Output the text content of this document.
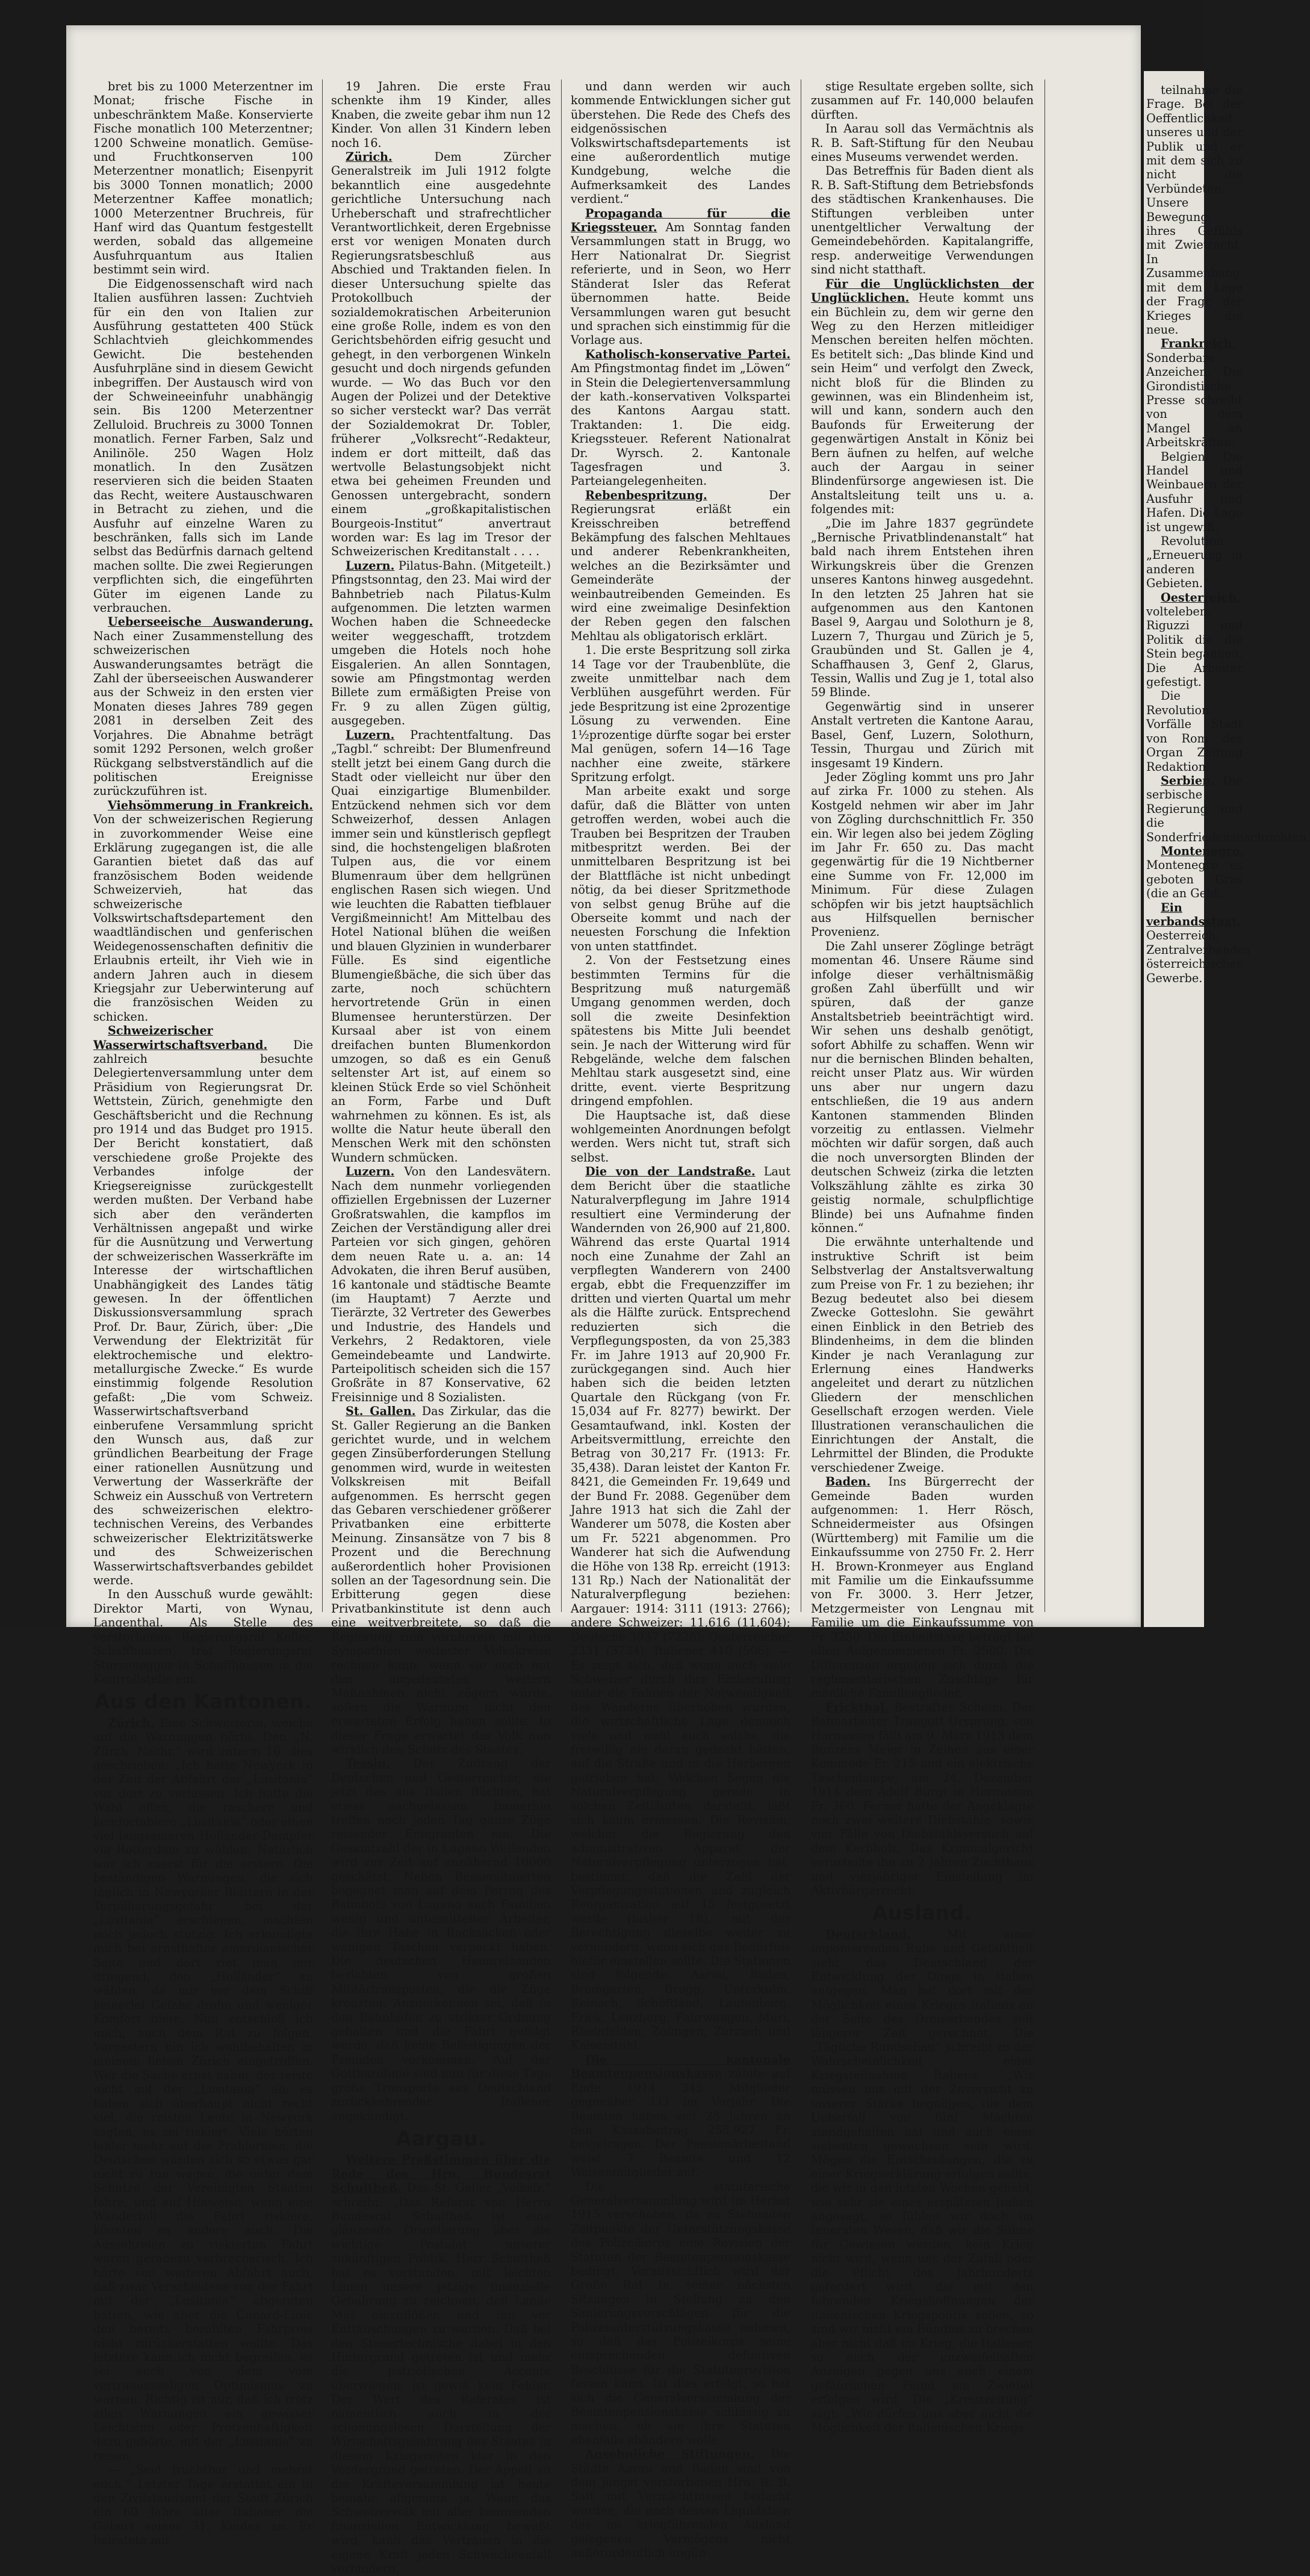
bret bis zu 1000 Meterzentner im Monat; frische Fische in unbeschränktem Maße. Konservierte Fische monatlich 100 Meterzentner; 1200 Schweine monatlich. Gemüse- und Fruchtkonserven 100 Meterzentner monatlich; Eisenpyrit bis 3000 Tonnen monatlich; 2000 Meterzentner Kaffee monatlich; 1000 Meterzentner Bruchreis, für Hanf wird das Quantum festgestellt werden, sobald das allgemeine Ausfuhrquantum aus Italien bestimmt sein wird.

Die Eidgenossenschaft wird nach Italien ausführen lassen: Zuchtvieh für ein den von Italien zur Ausführung gestatteten 400 Stück Schlachtvieh gleichkommendes Gewicht. Die bestehenden Ausfuhrpläne sind in diesem Gewicht inbegriffen. Der Austausch wird von der Schweineeinfuhr unabhängig sein. Bis 1200 Meterzentner Zelluloid. Bruchreis zu 3000 Tonnen monatlich. Ferner Farben, Salz und Anilinöle. 250 Wagen Holz monatlich. In den Zusätzen reservieren sich die beiden Staaten das Recht, weitere Austauschwaren in Betracht zu ziehen, und die Ausfuhr auf einzelne Waren zu beschränken, falls sich im Lande selbst das Bedürfnis darnach geltend machen sollte. Die zwei Regierungen verpflichten sich, die eingeführten Güter im eigenen Lande zu verbrauchen.

Ueberseeische Auswanderung. Nach einer Zusammenstellung des schweizerischen Auswanderungsamtes beträgt die Zahl der überseeischen Auswanderer aus der Schweiz in den ersten vier Monaten dieses Jahres 789 gegen 2081 in derselben Zeit des Vorjahres. Die Abnahme beträgt somit 1292 Personen, welch großer Rückgang selbstverständlich auf die politischen Ereignisse zurückzuführen ist.

Viehsömmerung in Frankreich. Von der schweizerischen Regierung in zuvorkommender Weise eine Erklärung zugegangen ist, die alle Garantien bietet daß das auf französischem Boden weidende Schweizervieh, hat das schweizerische Volkswirtschaftsdepartement den waadtländischen und genferischen Weidegenossenschaften definitiv die Erlaubnis erteilt, ihr Vieh wie in andern Jahren auch in diesem Kriegsjahr zur Ueberwinterung auf die französischen Weiden zu schicken.

Schweizerischer Wasserwirtschaftsverband. Die zahlreich besuchte Delegiertenversammlung unter dem Präsidium von Regierungsrat Dr. Wettstein, Zürich, genehmigte den Geschäftsbericht und die Rechnung pro 1914 und das Budget pro 1915. Der Bericht konstatiert, daß verschiedene große Projekte des Verbandes infolge der Kriegsereignisse zurückgestellt werden mußten. Der Verband habe sich aber den veränderten Verhältnissen angepaßt und wirke für die Ausnützung und Verwertung der schweizerischen Wasserkräfte im Interesse der wirtschaftlichen Unabhängigkeit des Landes tätig gewesen. In der öffentlichen Diskussionsversammlung sprach Prof. Dr. Baur, Zürich, über: „Die Verwendung der Elektrizität für elektrochemische und elektro-metallurgische Zwecke.“ Es wurde einstimmig folgende Resolution gefaßt: „Die vom Schweiz. Wasserwirtschaftsverband einberufene Versammlung spricht den Wunsch aus, daß zur gründlichen Bearbeitung der Frage einer rationellen Ausnützung und Verwertung der Wasserkräfte der Schweiz ein Ausschuß von Vertretern des schweizerischen elektro-technischen Vereins, des Verbandes schweizerischer Elektrizitätswerke und des Schweizerischen Wasserwirtschaftsverbandes gebildet werde.

In den Ausschuß wurde gewählt: Direktor Marti, von Wynau, Langenthal. Als Stelle des verstorbenen Regierungsrat Keller, Schaffhausen, trat Regierungsrat Sturzenegger in Schaffhausen in die Kontrollstelle ein.

Aus den Kantonen.

Zürich. Eine Schweizerin, welche auf die Warnungen hörte. Den „N. Zürch. Nachr.“ wird unterm 16. dies geschrieben: „Ich hatte Newyork in der Zeit der Abfahrt der „Lusitania“ vor dort zu verlassen. Ich hatte die Wahl offen, die raschere und komfortablere „Lusitania“ oder einen viel langsameren Holländer-Dampfer via Rotterdam zu wählen. Natürlich war ich zuerst für die erstere. Die beständigen Warnungen, die sich täglich in Newyorker Blättern in der Torpillierungsgefahr bei der „Lusitania“ erschienen, machten mich jedoch stutzig. Ich erkundigte mich bei ernsthafter amerikanischer Seite und dort riet man mir dringend, den „Holländer“ zu wählen, da mir vor dem Schiff keinerlei Gefahr drohe und weniger Komfort biete. Nun entschloß ich mich, auch dem Rat zu folgen. Vorgestern bin ich wohlbehalten in meinem lieben Zürich eingetroffen. Wer die Sache ernst nahm, der reiste nicht mit der „Lusitania“ ab; es haben sich überhaupt nicht recht viel, die reisten Leute in Newyork sagten, es sei riskiert. Viele hörten leider mehr auf die Prahlereien, die Deutschen würden sich so etwas gar nicht zu tun wagen, die unter dem Schutze der Vereinigten Staaten fahre, und auf Hinweise, wenn eine Wanderbill die Fahrt riskiere, könnten es andere auch. Die Aussehreien zu riskierten Fahrt waren geradezu verbrecherisch. Ich hörte von weiteren Abfahrt auch, daß zwar Verschiedene von der Fahrt mit der „Lusitania“ abgeraten hatten, wie aber die Cunard-Linie den bereits bezahlten Fahrpreis nicht zurückerstatten wollte. Das letztere kann ich nicht begreifen, es sei auch von dem vom vertrauensseligen Optimismus zu warnen. Richtig ist nur, daß ich trotz allen Warnungen ein gewisser Leichtsinn oder Protzenhaftigkeit dazu gehörte, mit der „Lusitania“ zu reisen.

— „Seid fruchtbar und mehret euch.“ Letzter Tage erstattet ein in den Zivilstandsamt der Stadt Zürich ein 60 Jahre alter Italiener die Geburt seines 31. Kindes an. Er heiratete mit

19 Jahren. Die erste Frau schenkte ihm 19 Kinder, alles Knaben, die zweite gebar ihm nun 12 Kinder. Von allen 31 Kindern leben noch 16.

Zürich.	Dem Zürcher Generalstreik im Juli 1912 folgte bekanntlich eine ausgedehnte gerichtliche Untersuchung nach Urheberschaft und strafrechtlicher Verantwortlichkeit, deren Ergebnisse erst vor wenigen Monaten durch Regierungsratsbeschluß aus Abschied und Traktanden fielen. In dieser Untersuchung spielte das Protokollbuch der sozialdemokratischen Arbeiterunion eine große Rolle, indem es von den Gerichtsbehörden eifrig gesucht und gehegt, in den verborgenen Winkeln gesucht und doch nirgends gefunden wurde. — Wo das Buch vor den Augen der Polizei und der Detektive so sicher versteckt war? Das verrät der Sozialdemokrat Dr. Tobler, früherer „Volksrecht“-Redakteur, indem er dort mitteilt, daß das wertvolle Belastungsobjekt nicht etwa bei geheimen Freunden und Genossen untergebracht, sondern einem „großkapitalistischen Bourgeois-Institut“ anvertraut worden war: Es lag im Tresor der Schweizerischen Kreditanstalt . . . .

Luzern. Pilatus-Bahn. (Mitgeteilt.) Pfingstsonntag, den 23. Mai wird der Bahnbetrieb nach Pilatus-Kulm aufgenommen. Die letzten warmen Wochen haben die Schneedecke weiter weggeschafft, trotzdem umgeben die Hotels noch hohe Eisgalerien. An allen Sonntagen, sowie am Pfingstmontag werden Billete zum ermäßigten Preise von Fr. 9 zu allen Zügen gültig, ausgegeben.

Luzern. Prachtentfaltung. Das „Tagbl.“ schreibt: Der Blumenfreund stellt jetzt bei einem Gang durch die Stadt oder vielleicht nur über den Quai einzigartige Blumenbilder. Entzückend nehmen sich vor dem Schweizerhof, dessen Anlagen immer sein und künstlerisch gepflegt sind, die hochstengeligen blaßroten Tulpen aus, die vor einem Blumenraum über dem hellgrünen englischen Rasen sich wiegen. Und wie leuchten die Rabatten tiefblauer Vergißmeinnicht! Am Mittelbau des Hotel National blühen die weißen und blauen Glyzinien in wunderbarer Fülle. Es sind eigentliche Blumengießbäche, die sich über das zarte, noch schüchtern hervortretende Grün in einen Blumensee herunterstürzen. Der Kursaal aber ist von einem dreifachen bunten Blumenkordon umzogen, so daß es ein Genuß seltenster Art ist, auf einem so kleinen Stück Erde so viel Schönheit an Form, Farbe und Duft wahrnehmen zu können. Es ist, als wollte die Natur heute überall den Menschen Werk mit den schönsten Wundern schmücken.

Luzern. Von den Landesvätern. Nach dem nunmehr vorliegenden offiziellen Ergebnissen der Luzerner Großratswahlen, die kampflos im Zeichen der Verständigung aller drei Parteien vor sich gingen, gehören dem neuen Rate u. a. an: 14 Advokaten, die ihren Beruf ausüben, 16 kantonale und städtische Beamte (im Hauptamt) 7 Aerzte und Tierärzte, 32 Vertreter des Gewerbes und Industrie, des Handels und Verkehrs, 2 Redaktoren, viele Gemeindebeamte und Landwirte. Parteipolitisch scheiden sich die 157 Großräte in 87 Konservative, 62 Freisinnige und 8 Sozialisten.

St. Gallen. Das Zirkular, das die St. Galler Regierung an die Banken gerichtet wurde, und in welchem gegen Zinsüberforderungen Stellung genommen wird, wurde in weitesten Volkskreisen mit Beifall aufgenommen. Es herrscht gegen das Gebaren verschiedener größerer Privatbanken eine erbitterte Meinung. Zinsansätze von 7 bis 8 Prozent und die Berechnung außerordentlich hoher Provisionen sollen an der Tagesordnung sein. Die Erbitterung gegen diese Privatbankinstitute ist denn auch eine weitverbreitete, so daß die Regierung zum vornherein mit den Sympathien weitester Volkskreise rechnen kann, wenn sie noch mit den angedeuteten weitern Maßnahmen nicht zögern würde, sofern die Warnung nicht den erwarteten Erfolg haben sollte. In dieser Frage erwartet das Volk nun wirklich den Schutz des Staates.

Tessin. Der Zudrang der Deutschen und Oesterreicher, die jetzt das aus Italien flüchten, hat etwas nachgelassen. Immerhin treffen noch jeden Tag ganze Züge reisender Emigranten ein. Die Gesamtzahl der in Lugano Weilenden wird zur Zeit auf annähernd 10000 geschätzt. Neben Bessersituierten begegnet man auf dem Perron des Bahnhofs von Lugano auch Familien wenig und unbemittelter Arbeiter, die ihre Habe in Rucksäcken oder wenigen Taschen verpackt haben. Die deutschen Heimreisenden berichten von großen Militärtransporten, die die Züge kreuzten. Anzuerkennen sei, daß in den Bahnhöfen zu strikter Ordnung gehalten und die Fahrt gefolgt werde, daß keine Belästigungen der Fremden vorkommen. Auf der Gotthardlinie sind nun für diese Tage große Transporte aus Deutschland zurückkehrender Italiener angekündigt.

Aargau.

Weitere Preßstimmen über die Rede des Hrn. Bundesrat Schultheß. Das St. Galler „Volksfr.“ schreibt: „Das Referat von Herrn Bundesrat Schultheß ist eine glänzende Orientierung über die wichtige Postulat unserer zukünftigen Politik. Herr Schultheß hat es verstanden, mit leichten Linien unsere jetzige finanzielle Gebahrung zu zeichnen, den Lande Mut einzuflößen und ihn vor Enttäuschungen zu warnen. Daß bei den Steuertechnische dabei in den Hintergrund getreten ist und mehr die patriotischen Accente überwiegen, ist gewiß kein Fehler. Der Wert des Referates ist namentlich auch in der schonungslosen Darstellung der Wirtschaftsgebahrung des Staates in diesem Kriegszeiten klar in den Vordergrund getreten. Der Appell an die Kräfteversammlung ist heute beinahe allgemein ja. Wenn das Schweizervolk mit aller kommenden finanziellen Entwicklung bewußt wird, kann das Vertrauen in die eigene Kraft jeden Schwächeanfall verhindern,

und dann werden wir auch kommende Entwicklungen sicher gut überstehen. Die Rede des Chefs des eidgenössischen Volkswirtschaftsdepartements ist eine außerordentlich mutige Kundgebung, welche die Aufmerksamkeit des Landes verdient.“

Propaganda für die Kriegssteuer. Am Sonntag fanden Versammlungen statt in Brugg, wo Herr Nationalrat Dr. Siegrist referierte, und in Seon, wo Herr Ständerat Isler das Referat übernommen hatte. Beide Versammlungen waren gut besucht und sprachen sich einstimmig für die Vorlage aus.

Katholisch-konservative Partei. Am Pfingstmontag findet im „Löwen“ in Stein die Delegiertenversammlung der kath.-konservativen Volkspartei des Kantons Aargau statt. Traktanden: 1. Die eidg. Kriegssteuer. Referent Nationalrat Dr. Wyrsch. 2. Kantonale Tagesfragen und 3. Parteiangelegenheiten.

Rebenbespritzung.	Der Regierungsrat erläßt ein Kreisschreiben betreffend Bekämpfung des falschen Mehltaues und anderer Rebenkrankheiten, welches an die Bezirksämter und Gemeinderäte der weinbautreibenden Gemeinden. Es wird eine zweimalige Desinfektion der Reben gegen den falschen Mehltau als obligatorisch erklärt.

1. Die erste Bespritzung soll zirka 14 Tage vor der Traubenblüte, die zweite unmittelbar nach dem Verblühen ausgeführt werden. Für jede Bespritzung ist eine 2prozentige Lösung zu verwenden. Eine 1½prozentige dürfte sogar bei erster Mal genügen, sofern 14—16 Tage nachher eine zweite, stärkere Spritzung erfolgt.

Man arbeite exakt und sorge dafür, daß die Blätter von unten getroffen werden, wobei auch die Trauben bei Bespritzen der Trauben mitbespritzt werden. Bei der unmittelbaren Bespritzung ist bei der Blattfläche ist nicht unbedingt nötig, da bei dieser Spritzmethode von selbst genug Brühe auf die Oberseite kommt und nach der neuesten Forschung die Infektion von unten stattfindet.

2. Von der Festsetzung eines bestimmten Termins für die Bespritzung muß naturgemäß Umgang genommen werden, doch soll die zweite Desinfektion spätestens bis Mitte Juli beendet sein. Je nach der Witterung wird für Rebgelände, welche dem falschen Mehltau stark ausgesetzt sind, eine dritte, event. vierte Bespritzung dringend empfohlen.

Die Hauptsache ist, daß diese wohlgemeinten Anordnungen befolgt werden. Wers nicht tut, straft sich selbst.

Die von der Landstraße. Laut dem Bericht über die staatliche Naturalverpflegung im Jahre 1914 resultiert eine Verminderung der Wandernden von 26,900 auf 21,800. Während das erste Quartal 1914 noch eine Zunahme der Zahl an verpflegten Wanderern von 2400 ergab, ebbt die Frequenzziffer im dritten und vierten Quartal um mehr als die Hälfte zurück. Entsprechend reduzierten sich die Verpflegungsposten, da von 25,383 Fr. im Jahre 1913 auf 20,900 Fr. zurückgegangen sind. Auch hier haben sich die beiden letzten Quartale den Rückgang (von Fr. 15,034 auf Fr. 8277) bewirkt. Der Gesamtaufwand, inkl. Kosten der Arbeitsvermittlung, erreichte den Betrag von 30,217 Fr. (1913: Fr. 35,438). Daran leistet der Kanton Fr. 8421, die Gemeinden Fr. 19,649 und der Bund Fr. 2088. Gegenüber dem Jahre 1913 hat sich die Zahl der Wanderer um 5078, die Kosten aber um Fr. 5221 abgenommen. Pro Wanderer hat sich die Aufwendung die Höhe von 138 Rp. erreicht (1913: 131 Rp.) Nach der Nationalität der Naturalverpflegung beziehen: Aargauer: 1914: 3111 (1913: 2766); andere Schweizer: 11,616 (11,604); Deutsche 3937 (7226); Oesterreicher 2331 (3734); Italiener 410 (506). — Es zeigt sich, daß wenn auch viele Schweizer durch ihre Einberufung unter die Fahnen der Notwendigkeit des Wanderns überhoben wurden, die wirtschaftliche Lage dennoch viele und wohl auch solche, die freiwillig nie daran gedacht hätten, auf die Straße und in die Herbergen getrieben hat. Welchen Segen die Naturalverpflegung gerade in solchen Zeitläuften darstellt, läßt sich kaum ermessen. Die Revision, welcher die Regierung den administrativen Apparat der Naturalverpflegung unterzogen hat, bestimmt, daß die Zahl der Verpflegungsstationen und zugleich Reorganisation auf 15 festgesetzt werde (bisher 18), mit der Berechtigung dieselbe weiter zu vermindern, wenn sich das Bedürfnis hiefür einstellen sollte. Die Stationen sind folgende: Aarau, Baden, Bremgarten, Brugg, Unterkulm, Reinach, Schöftland, Laufenburg, Frick, Lenzburg, Fahrwangen, Muri, Rheinfelden, Zofingen, Zurzach und Kaiserstuhl.

Die kantonale Beamtenpensionskasse zählte auf Ende 1914 345 Mitglieder gegenüber 333 im Vorjahr. Die Beamten haben seit 25 Jahren an den Kassabeitrag 255,927 Fr. beigetragen. Der Pensionärbestand weist 7 Beamte und 12 Waisenmitglieder auf.

Die statutarische Generalversammlung wird im Herbst 1915 verschoben, da zu Stehenden Zeitpunkte der Unterstützungskasse des Polizeikorps eine Revision der Statuten der Beamtenpensionskasse bedingt. Voraussichtlich wird der Große Rat in seiner nächsten Sitzungen in Stellung zu den Sanierungsvorschlägen für die Polizeiunterstützungskasse nehmen, so daß das Polizeikorps seine entsprechenden definitiven Beschlüsse für die Statutenrevision fassen kann. Ist dies erfolgt, so hat sich die Generalversammlung der Beamtenpensionskasse schlüssig zu machen, ob sie ihre Statuten ebenfalls abändern wolle.

Ansehnliche Stiftungen. Die Städte Aarau und Baden sind von dem jüngst verstorbenen Hrn. R. B. Saft mit Vermächtnissen bedacht worden, die nach dessen Liquidation des im kriegführenden Ausland gelegenen Vermögens nicht außerordentlich ungün-

stige Resultate ergeben sollte, sich zusammen auf Fr. 140,000 belaufen dürften.

In Aarau soll das Vermächtnis als R. B. Saft-Stiftung für den Neubau eines Museums verwendet werden.

Das Betreffnis für Baden dient als R. B. Saft-Stiftung dem Betriebsfonds des städtischen Krankenhauses. Die Stiftungen verbleiben unter unentgeltlicher Verwaltung der Gemeindebehörden. Kapitalangriffe, resp. anderweitige Verwendungen sind nicht statthaft.

Für die Unglücklichsten der Unglücklichen. Heute kommt uns ein Büchlein zu, dem wir gerne den Weg zu den Herzen mitleidiger Menschen bereiten helfen möchten. Es betitelt sich: „Das blinde Kind und sein Heim“ und verfolgt den Zweck, nicht bloß für die Blinden zu gewinnen, was ein Blindenheim ist, will und kann, sondern auch den Baufonds für Erweiterung der gegenwärtigen Anstalt in Köniz bei Bern äufnen zu helfen, auf welche auch der Aargau in seiner Blindenfürsorge angewiesen ist. Die Anstaltsleitung teilt uns u. a. folgendes mit:

„Die im Jahre 1837 gegründete „Bernische Privatblindenanstalt“ hat bald nach ihrem Entstehen ihren Wirkungskreis über die Grenzen unseres Kantons hinweg ausgedehnt. In den letzten 25 Jahren hat sie aufgenommen aus den Kantonen Basel 9, Aargau und Solothurn je 8, Luzern 7, Thurgau und Zürich je 5, Graubünden und St. Gallen je 4, Schaffhausen 3, Genf 2, Glarus, Tessin, Wallis und Zug je 1, total also 59 Blinde.

Gegenwärtig sind in unserer Anstalt vertreten die Kantone Aarau, Basel, Genf, Luzern, Solothurn, Tessin, Thurgau und Zürich mit insgesamt 19 Kindern.

Jeder Zögling kommt uns pro Jahr auf zirka Fr. 1000 zu stehen. Als Kostgeld nehmen wir aber im Jahr von Zögling durchschnittlich Fr. 350 ein. Wir legen also bei jedem Zögling im Jahr Fr. 650 zu. Das macht gegenwärtig für die 19 Nichtberner eine Summe von Fr. 12,000 im Minimum. Für diese Zulagen schöpfen wir bis jetzt hauptsächlich aus Hilfsquellen bernischer Provenienz.

Die Zahl unserer Zöglinge beträgt momentan 46. Unsere Räume sind infolge dieser verhältnismäßig großen Zahl überfüllt und wir spüren, daß der ganze Anstaltsbetrieb beeinträchtigt wird. Wir sehen uns deshalb genötigt, sofort Abhilfe zu schaffen. Wenn wir nur die bernischen Blinden behalten, reicht unser Platz aus. Wir würden uns aber nur ungern dazu entschließen, die 19 aus andern Kantonen stammenden Blinden vorzeitig zu entlassen. Vielmehr möchten wir dafür sorgen, daß auch die noch unversorgten Blinden der deutschen Schweiz (zirka die letzten Volkszählung zählte es zirka 30 geistig normale, schulpflichtige Blinde) bei uns Aufnahme finden können.“

Die erwähnte unterhaltende und instruktive Schrift ist beim Selbstverlag der Anstaltsverwaltung zum Preise von Fr. 1 zu beziehen; ihr Bezug bedeutet also bei diesem Zwecke Gotteslohn. Sie gewährt einen Einblick in den Betrieb des Blindenheims, in dem die blinden Kinder je nach Veranlagung zur Erlernung eines Handwerks angeleitet und derart zu nützlichen Gliedern der menschlichen Gesellschaft erzogen werden. Viele Illustrationen veranschaulichen die Einrichtungen der Anstalt, die Lehrmittel der Blinden, die Produkte verschiedener Zweige.

Baden. Ins Bürgerrecht der Gemeinde Baden wurden aufgenommen: 1. Herr Rösch, Schneidermeister aus Ofsingen (Württemberg) mit Familie um die Einkaufssumme von 2750 Fr. 2. Herr H. Brown-Kronmeyer aus England mit Familie um die Einkaufssumme von Fr. 3000. 3. Herr Jetzer, Metzgermeister von Lengnau mit Familie um die Einkaufssumme von Fr. 3250. Die Einheitstaxe beträgt bei allen Aufgenommenen Fr. 2500. Die Differenzen ergeben sich durch die reglementarischen Zuschläge für mänliche Familienglieder.

Frickthal. Bestrafter Schelm. Der Bahnarbeiter Traugott Ursprung, von Hornussen fällt am 9. März 1913 dem Bunzens Meier in Zeihen aus einer Kommode Fr. 215 und ein elektrische Taschenlampe, am 24. Dezember 1914 dem Adolf Bürgi in Hornussen Fr. 360. Ferner hatte der Angeklagte noch zwei weitere Diebstähle, sowie vier Fälle von Diebstahlsversuch auf dem Kerbholz. Das Kriminalgericht verurteilte ihn zu 2 Jahren Zuchthaus und vierjähriger Einstellung im Aktivbürgerrecht.

Ausland.

Deutschland.	Mit einer imponierenden Ruhe und Gefaßtheit sieht das Deutschland der Entwicklung der Dinge in Italien entgegen. Man hat dort mit der Möglichkeit eines Krieges Italiens an der Seite des Dreiverbandes seit längerer Zeit gerechnet. Die „Tägliche Rundschau“ schreibt zu der Wahrscheinlichkeit einer Kriegsteilnahme Italiens: „Wir müssen uns mit der Zuversicht zu unserer Stärke begnügen, die dem Ueberfall von fünf Mächten standgehalten hat und auch einer siebenten gewachsen sein wird. Mögen die Entscheidungen, die zu einer Kriegserklärung erfolgen sollte, die wir in den letzten Wochen gehabt, wie sehr sie eines erspäteten Italien angesagt, so fühlen wir doch im Innersten Wesen, daß wir die Sühne für Gewissen werden, kein Krieg nicht wird, wenn uns der Zufall oder die Pflicht des Jahrhunderts gefordert wird, die mit den fahrenden Kriegshoffnungen der italienischen Kriegspolitik sollen, so sind wir nicht ein Bündnis zu brechen aber nicht daß im Krieg, die Italiener, so auch der unzweifelhaften Anzeigen gegen uns auch einem gefährlichen Feind ein Zwiebel erfolgen wird. Die „Kreuzzeitung“ sagt: „Wir dürfen uns aber nicht die Möglichkeit der italienischen Kriegs

teilnahme die Frage. Bei der Oeffentlichkeit unseres und der Publik und er mit dem sich zu nicht die Verbündeten. Unsere Bewegung, ihres Gefühls mit Zwietracht. In Zusammenhang mit dem Lage der Frage der Krieges die neue.

Frankreich. Sonderbare Anzeichen. Die Girondistische Presse schreibt von dem Mangel an Arbeitskräften.

Belgien. Die Handel und Weinbauern der Ausfuhr und Hafen. Die Lage ist ungewiß.

Revolution. „Erneuerung in anderen Gebieten.“

Oesterreich. volteleben. Riguzzi und Politik die die Stein begannen. Die Arbeiter gefestigt.

Die Revolution. Vorfälle Stadt von Rom des Organ Zeitung Redaktion.

Serbien. Die serbische Regierung und die Sonderfriedensnachrichten.

Montenegro. Montenegro es geboten Gras (die an Geld.

Ein verbandsstaat. Oesterreich. Zentralverbandes österreichischer Gewerbe.
